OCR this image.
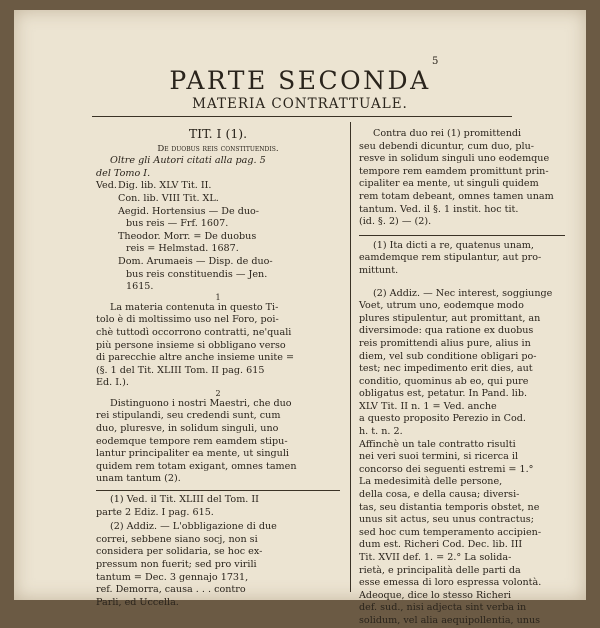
5
PARTE SECONDA
MATERIA CONTRATTUALE.

TIT. I (1).

De duobus reis constituendis.

Oltre gli Autori citati alla pag. 5

del Tomo I.

Ved. Dig. lib. XLV Tit. II.

Con. lib. VIII Tit. XL.

Aegid. Hortensius — De duo-

bus reis — Frf. 1607.

Theodor. Morr. = De duobus

reis = Helmstad. 1687.

Dom. Arumaeis — Disp. de duo-

bus reis constituendis — Jen.

1615.

1

La materia contenuta in questo Ti-

tolo è di moltissimo uso nel Foro, poi-

chè tuttodì occorrono contratti, ne'quali

più persone insieme si obbligano verso

di parecchie altre anche insieme unite =

(§. 1 del Tit. XLIII Tom. II pag. 615

Ed. I.).

2

Distinguono i nostri Maestri, che duo

rei stipulandi, seu credendi sunt, cum

duo, pluresve, in solidum singuli, uno

eodemque tempore rem eamdem stipu-

lantur principaliter ea mente, ut singuli

quidem rem totam exigant, omnes tamen

unam tantum (2).

(1) Ved. il Tit. XLIII del Tom. II

parte 2 Ediz. I pag. 615.

(2) Addiz. — L'obbligazione di due

correi, sebbene siano socj, non si

considera per solidaria, se hoc ex-

pressum non fuerit; sed pro virili

tantum = Dec. 3 gennajo 1731,

ref. Demorra, causa . . . contro

Parli, ed Uccella.

Contra duo rei (1) promittendi

seu debendi dicuntur, cum duo, plu-

resve in solidum singuli uno eodemque

tempore rem eamdem promittunt prin-

cipaliter ea mente, ut singuli quidem

rem totam debeant, omnes tamen unam

tantum. Ved. il §. 1 instit. hoc tit.

(id. §. 2) — (2).

(1) Ita dicti a re, quatenus unam,

eamdemque rem stipulantur, aut pro-

mittunt.

(2) Addiz. — Nec interest, soggiunge

Voet, utrum uno, eodemque modo

plures stipulentur, aut promittant, an

diversimode: qua ratione ex duobus

reis promittendi alius pure, alius in

diem, vel sub conditione obligari po-

test; nec impedimento erit dies, aut

conditio, quominus ab eo, qui pure

obligatus est, petatur. In Pand. lib.

XLV Tit. II n. 1 = Ved. anche

a questo proposito Perezio in Cod.

h. t. n. 2.

Affinchè un tale contratto risulti

nei veri suoi termini, si ricerca il

concorso dei seguenti estremi = 1.°

La medesimità delle persone,

della cosa, e della causa; diversi-

tas, seu distantia temporis obstet, ne

unus sit actus, seu unus contractus;

sed hoc cum temperamento accipien-

dum est. Richeri Cod. Dec. lib. III

Tit. XVII def. 1. = 2.° La solida-

rietà, e principalità delle parti da

esse emessa di loro espressa volontà.

Adeoque, dice lo stesso Richeri

def. sud., nisi adjecta sint verba in

solidum, vel alia aequipollentia, unus
